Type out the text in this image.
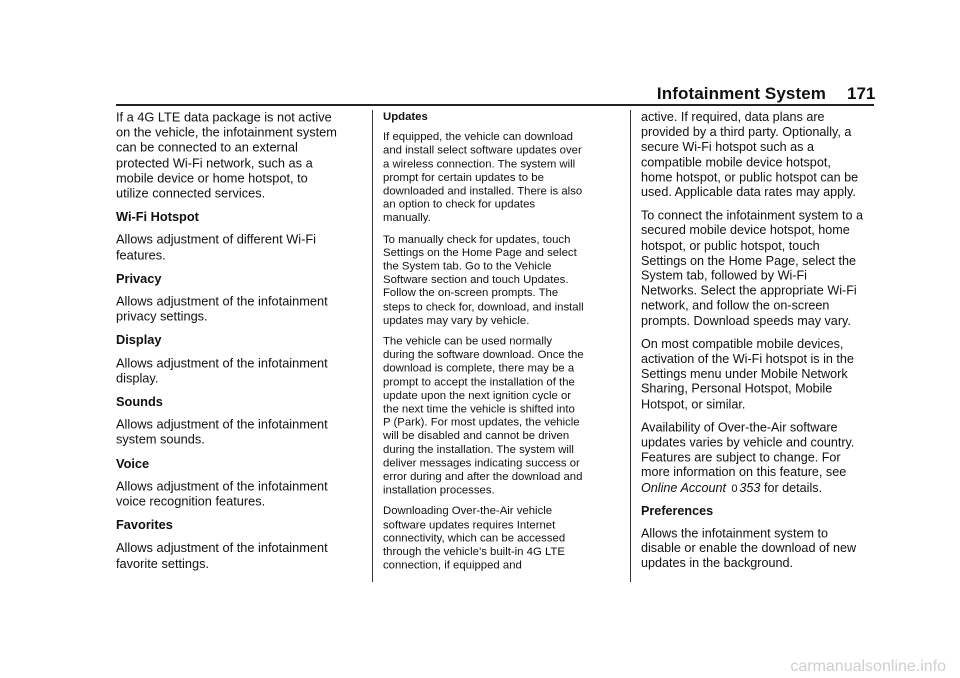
Infotainment System 171

If a 4G LTE data package is not active on the vehicle, the infotainment system can be connected to an external protected Wi-Fi network, such as a mobile device or home hotspot, to utilize connected services.

Wi-Fi Hotspot

Allows adjustment of different Wi-Fi features.

Privacy

Allows adjustment of the infotainment privacy settings.

Display

Allows adjustment of the infotainment display.

Sounds

Allows adjustment of the infotainment system sounds.

Voice

Allows adjustment of the infotainment voice recognition features.

Favorites

Allows adjustment of the infotainment favorite settings.

Updates

If equipped, the vehicle can download and install select software updates over a wireless connection. The system will prompt for certain updates to be downloaded and installed. There is also an option to check for updates manually.

To manually check for updates, touch Settings on the Home Page and select the System tab. Go to the Vehicle Software section and touch Updates. Follow the on-screen prompts. The steps to check for, download, and install updates may vary by vehicle.

The vehicle can be used normally during the software download. Once the download is complete, there may be a prompt to accept the installation of the update upon the next ignition cycle or the next time the vehicle is shifted into P (Park). For most updates, the vehicle will be disabled and cannot be driven during the installation. The system will deliver messages indicating success or error during and after the download and installation processes.

Downloading Over-the-Air vehicle software updates requires Internet connectivity, which can be accessed through the vehicle’s built-in 4G LTE connection, if equipped and

active. If required, data plans are provided by a third party. Optionally, a secure Wi-Fi hotspot such as a compatible mobile device hotspot, home hotspot, or public hotspot can be used. Applicable data rates may apply.

To connect the infotainment system to a secured mobile device hotspot, home hotspot, or public hotspot, touch Settings on the Home Page, select the System tab, followed by Wi-Fi Networks. Select the appropriate Wi-Fi network, and follow the on-screen prompts. Download speeds may vary.

On most compatible mobile devices, activation of the Wi-Fi hotspot is in the Settings menu under Mobile Network Sharing, Personal Hotspot, Mobile Hotspot, or similar.

Availability of Over-the-Air software updates varies by vehicle and country. Features are subject to change. For more information on this feature, see Online Account 0 353 for details.

Preferences

Allows the infotainment system to disable or enable the download of new updates in the background.

carmanualsonline.info
